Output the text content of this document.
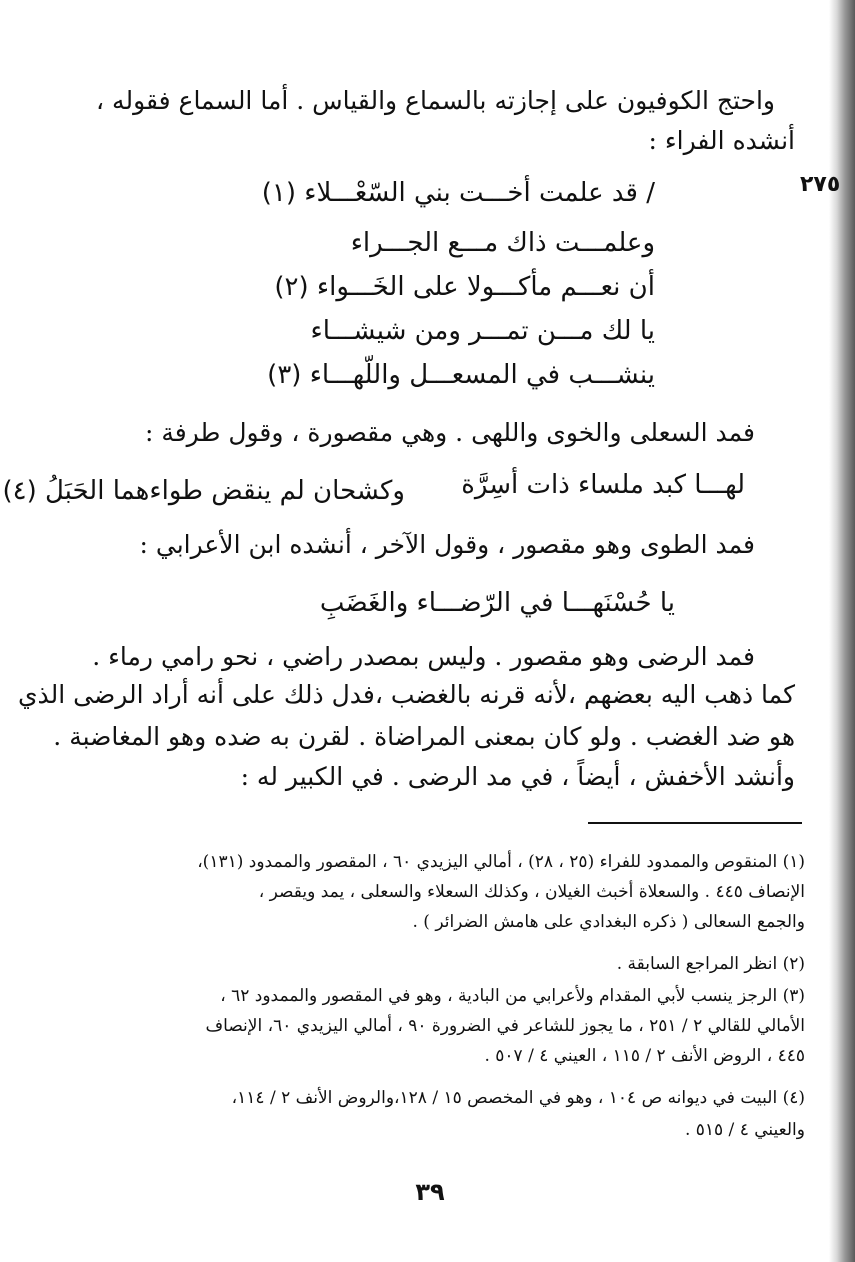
٢٧٥
واحتج الكوفيون على إجازته بالسماع والقياس . أما السماع فقوله ،
أنشده الفراء :
/ قد علمت أخـــت بني السّعْـــلاء (١)
وعلمـــت ذاك مـــع الجـــراء
أن نعـــم مأكـــولا على الخَـــواء (٢)
يا لك مـــن تمـــر ومن شيشـــاء
ينشـــب في المسعـــل واللّهـــاء (٣)
فمد السعلى والخوى واللهى . وهي مقصورة ، وقول طرفة :
لهـــا كبد ملساء ذات أسِرَّة
وكشحان لم ينقض طواءهما الحَبَلُ (٤)
فمد الطوى وهو مقصور ، وقول الآخر ، أنشده ابن الأعرابي :
يا حُسْنَهـــا في الرّضـــاء والغَضَبِ
فمد الرضى وهو مقصور . وليس بمصدر راضي ، نحو رامي رماء .
كما ذهب اليه بعضهم ،لأنه قرنه بالغضب ،فدل ذلك على أنه أراد الرضى الذي
هو ضد الغضب . ولو كان بمعنى المراضاة . لقرن به ضده وهو المغاضبة .
وأنشد الأخفش ، أيضاً ، في مد الرضى . في الكبير له :
(١) المنقوص والممدود للفراء (٢٥ ، ٢٨) ، أمالي اليزيدي ٦٠ ، المقصور والممدود (١٣١)،
الإنصاف ٤٤٥ . والسعلاة أخبث الغيلان ، وكذلك السعلاء والسعلى ، يمد ويقصر ،
والجمع السعالى ( ذكره البغدادي على هامش الضرائر ) .
(٢) انظر المراجع السابقة .
(٣) الرجز ينسب لأبي المقدام ولأعرابي من البادية ، وهو في المقصور والممدود ٦٢ ،
الأمالي للقالي ٢ / ٢٥١ ، ما يجوز للشاعر في الضرورة ٩٠ ، أمالي اليزيدي ٦٠، الإنصاف
٤٤٥ ، الروض الأنف ٢ / ١١٥ ، العيني ٤ / ٥٠٧ .
(٤) البيت في ديوانه ص ١٠٤ ، وهو في المخصص ١٥ / ١٢٨،والروض الأنف ٢ / ١١٤،
والعيني ٤ / ٥١٥ .
٣٩
